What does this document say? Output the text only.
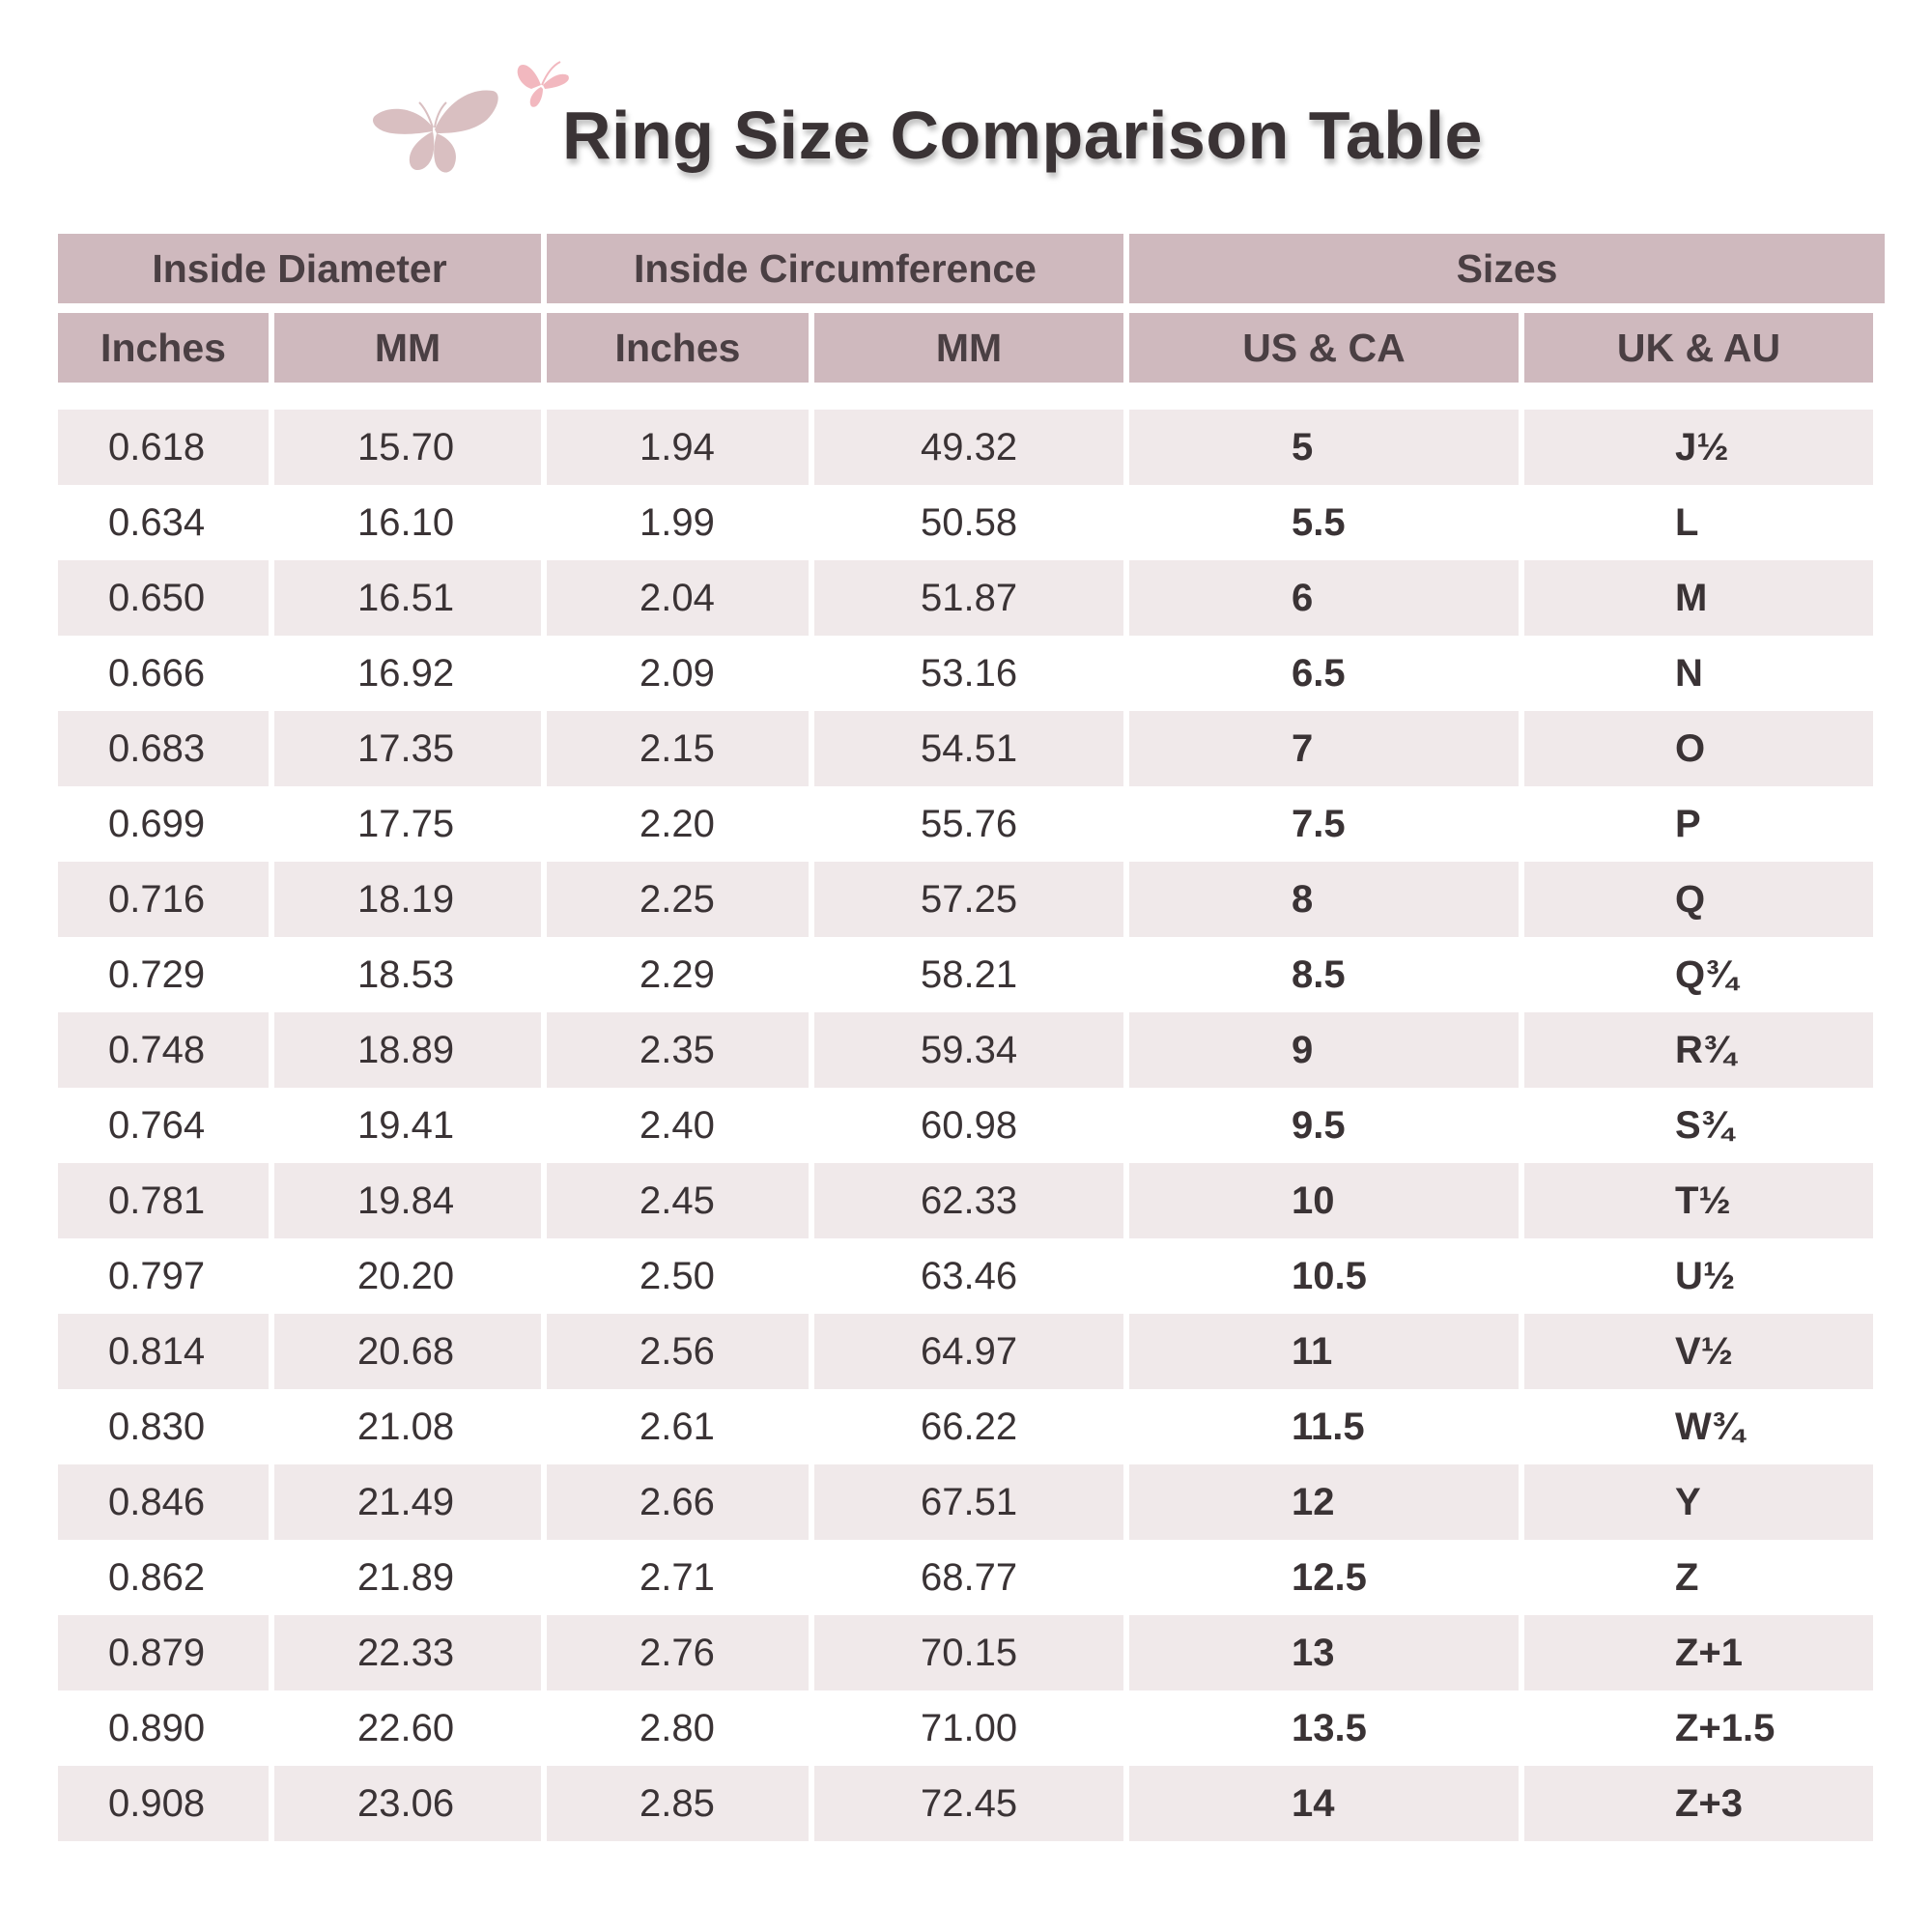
Ring Size Comparison Table
Inside Diameter	Inside Circumference	Sizes
Inches	MM	Inches	MM	US & CA	UK & AU
0.618	15.70	1.94	49.32	5	J½
0.634	16.10	1.99	50.58	5.5	L
0.650	16.51	2.04	51.87	6	M
0.666	16.92	2.09	53.16	6.5	N
0.683	17.35	2.15	54.51	7	O
0.699	17.75	2.20	55.76	7.5	P
0.716	18.19	2.25	57.25	8	Q
0.729	18.53	2.29	58.21	8.5	Q¾
0.748	18.89	2.35	59.34	9	R¾
0.764	19.41	2.40	60.98	9.5	S¾
0.781	19.84	2.45	62.33	10	T½
0.797	20.20	2.50	63.46	10.5	U½
0.814	20.68	2.56	64.97	11	V½
0.830	21.08	2.61	66.22	11.5	W¾
0.846	21.49	2.66	67.51	12	Y
0.862	21.89	2.71	68.77	12.5	Z
0.879	22.33	2.76	70.15	13	Z+1
0.890	22.60	2.80	71.00	13.5	Z+1.5
0.908	23.06	2.85	72.45	14	Z+3
